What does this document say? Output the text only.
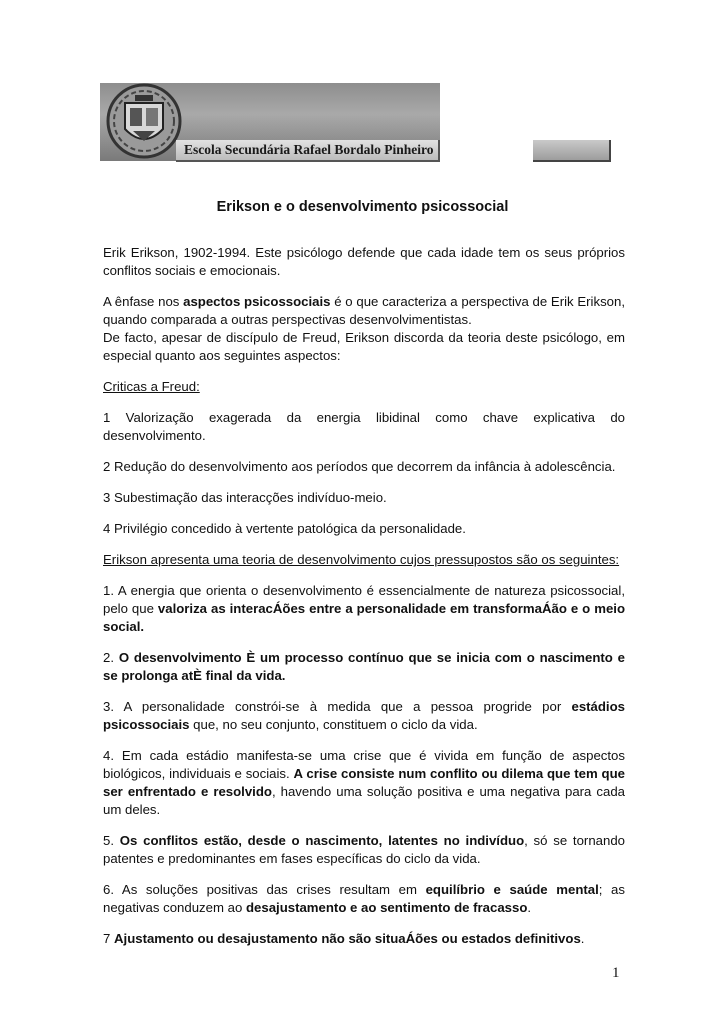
Escola Secundária Rafael Bordalo Pinheiro
Erikson e o desenvolvimento psicossocial

Erik Erikson, 1902-1994. Este psicólogo defende que cada idade tem os seus próprios conflitos sociais e emocionais.

A ênfase nos aspectos psicossociais é o que caracteriza a perspectiva de Erik Erikson, quando comparada a outras perspectivas desenvolvimentistas.

De facto, apesar de discípulo de Freud, Erikson discorda da teoria deste psicólogo, em especial quanto aos seguintes aspectos:

Criticas a Freud:

1 Valorização exagerada da energia libidinal como chave explicativa do desenvolvimento.

2 Redução do desenvolvimento aos períodos que decorrem da infância à adolescência.

3 Subestimação das interacções indivíduo-meio.

4 Privilégio concedido à vertente patológica da personalidade.

Erikson apresenta uma teoria de desenvolvimento cujos pressupostos são os seguintes:

1. A energia que orienta o desenvolvimento é essencialmente de natureza psicossocial, pelo que valoriza as interacÁões entre a personalidade em transformaÁão e o meio social.

2. O desenvolvimento È um processo contínuo que se inicia com o nascimento e se prolonga atÈ final da vida.

3. A personalidade constrói-se à medida que a pessoa progride por estádios psicossociais que, no seu conjunto, constituem o ciclo da vida.

4. Em cada estádio manifesta-se uma crise que é vivida em função de aspectos biológicos, individuais e sociais. A crise consiste num conflito ou dilema que tem que ser enfrentado e resolvido, havendo uma solução positiva e uma negativa para cada um deles.

5. Os conflitos estão, desde o nascimento, latentes no indivíduo, só se tornando patentes e predominantes em fases específicas do ciclo da vida.

6. As soluções positivas das crises resultam em equilíbrio e saúde mental; as negativas conduzem ao desajustamento e ao sentimento de fracasso.

7 Ajustamento ou desajustamento não são situaÁões ou estados definitivos.

1
